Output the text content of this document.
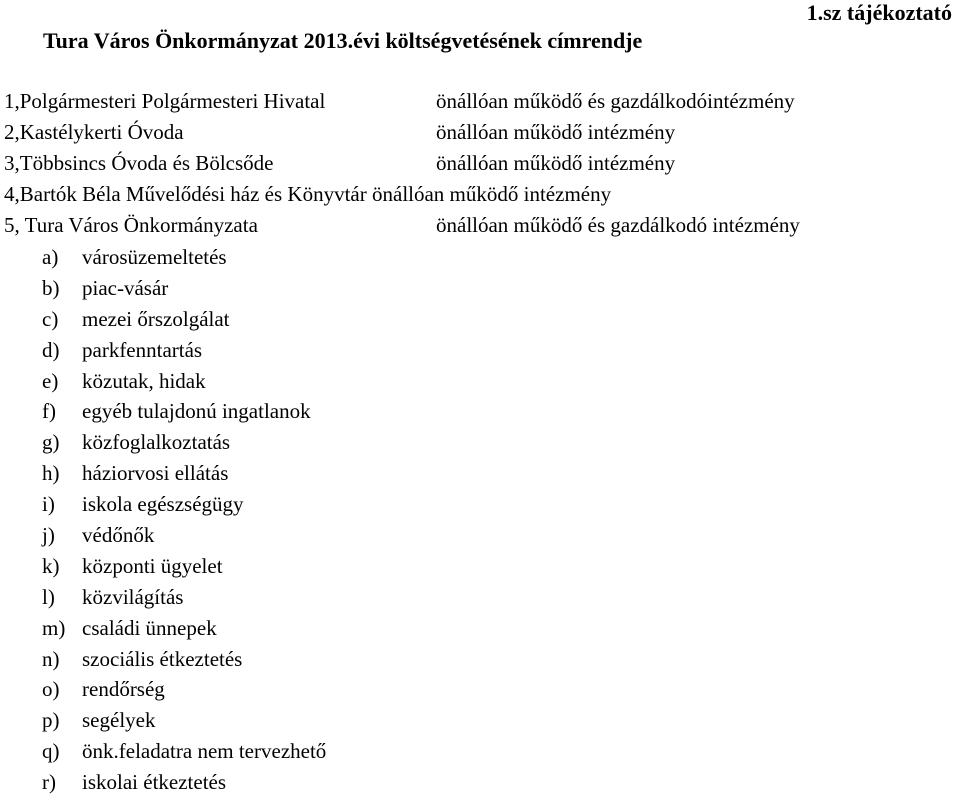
1.sz tájékoztató
Tura Város Önkormányzat 2013.évi költségvetésének címrendje
1,Polgármesteri Polgármesteri Hivatal	önállóan működő és gazdálkodóintézmény
2,Kastélykerti Óvoda	önállóan működő intézmény
3,Többsincs Óvoda és Bölcsőde	önállóan működő intézmény
4,Bartók Béla Művelődési ház és Könyvtár önállóan működő intézmény
5, Tura Város Önkormányzata	önállóan működő és gazdálkodó intézmény
a)	városüzemeltetés
b)	piac-vásár
c)	mezei őrszolgálat
d)	parkfenntartás
e)	közutak, hidak
f)	egyéb tulajdonú ingatlanok
g)	közfoglalkoztatás
h)	háziorvosi ellátás
i)	iskola egészségügy
j)	védőnők
k)	központi ügyelet
l)	közvilágítás
m) családi ünnepek
n)	szociális étkeztetés
o)	rendőrség
p)	segélyek
q)	önk.feladatra nem tervezhető
r)	iskolai étkeztetés
